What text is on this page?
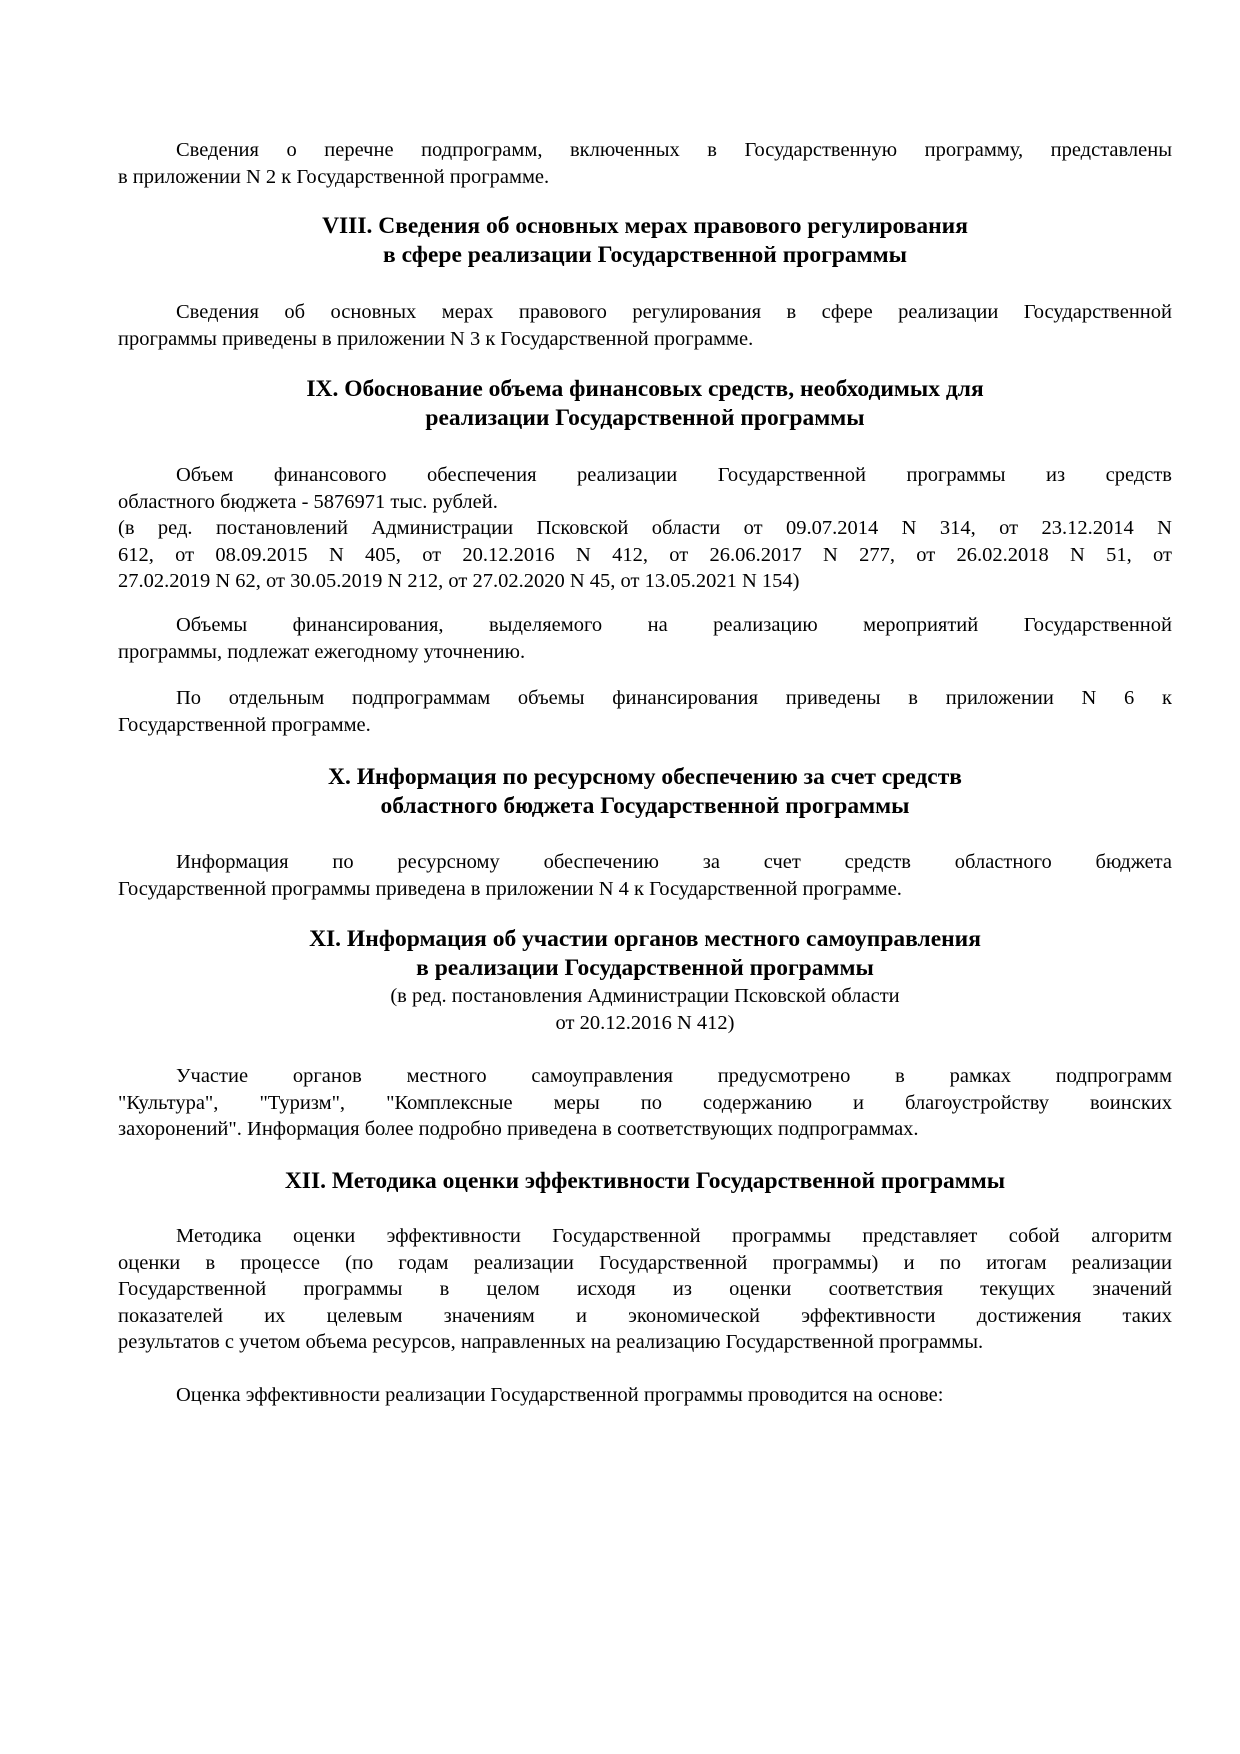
Сведения о перечне подпрограмм, включенных в Государственную программу, представлены
в приложении N 2 к Государственной программе.
VIII. Сведения об основных мерах правового регулирования
в сфере реализации Государственной программы
Сведения об основных мерах правового регулирования в сфере реализации Государственной
программы приведены в приложении N 3 к Государственной программе.
IX. Обоснование объема финансовых средств, необходимых для
реализации Государственной программы
Объем финансового обеспечения реализации Государственной программы из средств
областного бюджета - 5876971 тыс. рублей.
(в ред. постановлений Администрации Псковской области от 09.07.2014 N 314, от 23.12.2014 N
612, от 08.09.2015 N 405, от 20.12.2016 N 412, от 26.06.2017 N 277, от 26.02.2018 N 51, от
27.02.2019 N 62, от 30.05.2019 N 212, от 27.02.2020 N 45, от 13.05.2021 N 154)
Объемы финансирования, выделяемого на реализацию мероприятий Государственной
программы, подлежат ежегодному уточнению.
По отдельным подпрограммам объемы финансирования приведены в приложении N 6 к
Государственной программе.
X. Информация по ресурсному обеспечению за счет средств
областного бюджета Государственной программы
Информация по ресурсному обеспечению за счет средств областного бюджета
Государственной программы приведена в приложении N 4 к Государственной программе.
XI. Информация об участии органов местного самоуправления
в реализации Государственной программы
(в ред. постановления Администрации Псковской области
от 20.12.2016 N 412)
Участие органов местного самоуправления предусмотрено в рамках подпрограмм
"Культура", "Туризм", "Комплексные меры по содержанию и благоустройству воинских
захоронений". Информация более подробно приведена в соответствующих подпрограммах.
XII. Методика оценки эффективности Государственной программы
Методика оценки эффективности Государственной программы представляет собой алгоритм
оценки в процессе (по годам реализации Государственной программы) и по итогам реализации
Государственной программы в целом исходя из оценки соответствия текущих значений
показателей их целевым значениям и экономической эффективности достижения таких
результатов с учетом объема ресурсов, направленных на реализацию Государственной программы.
Оценка эффективности реализации Государственной программы проводится на основе:
